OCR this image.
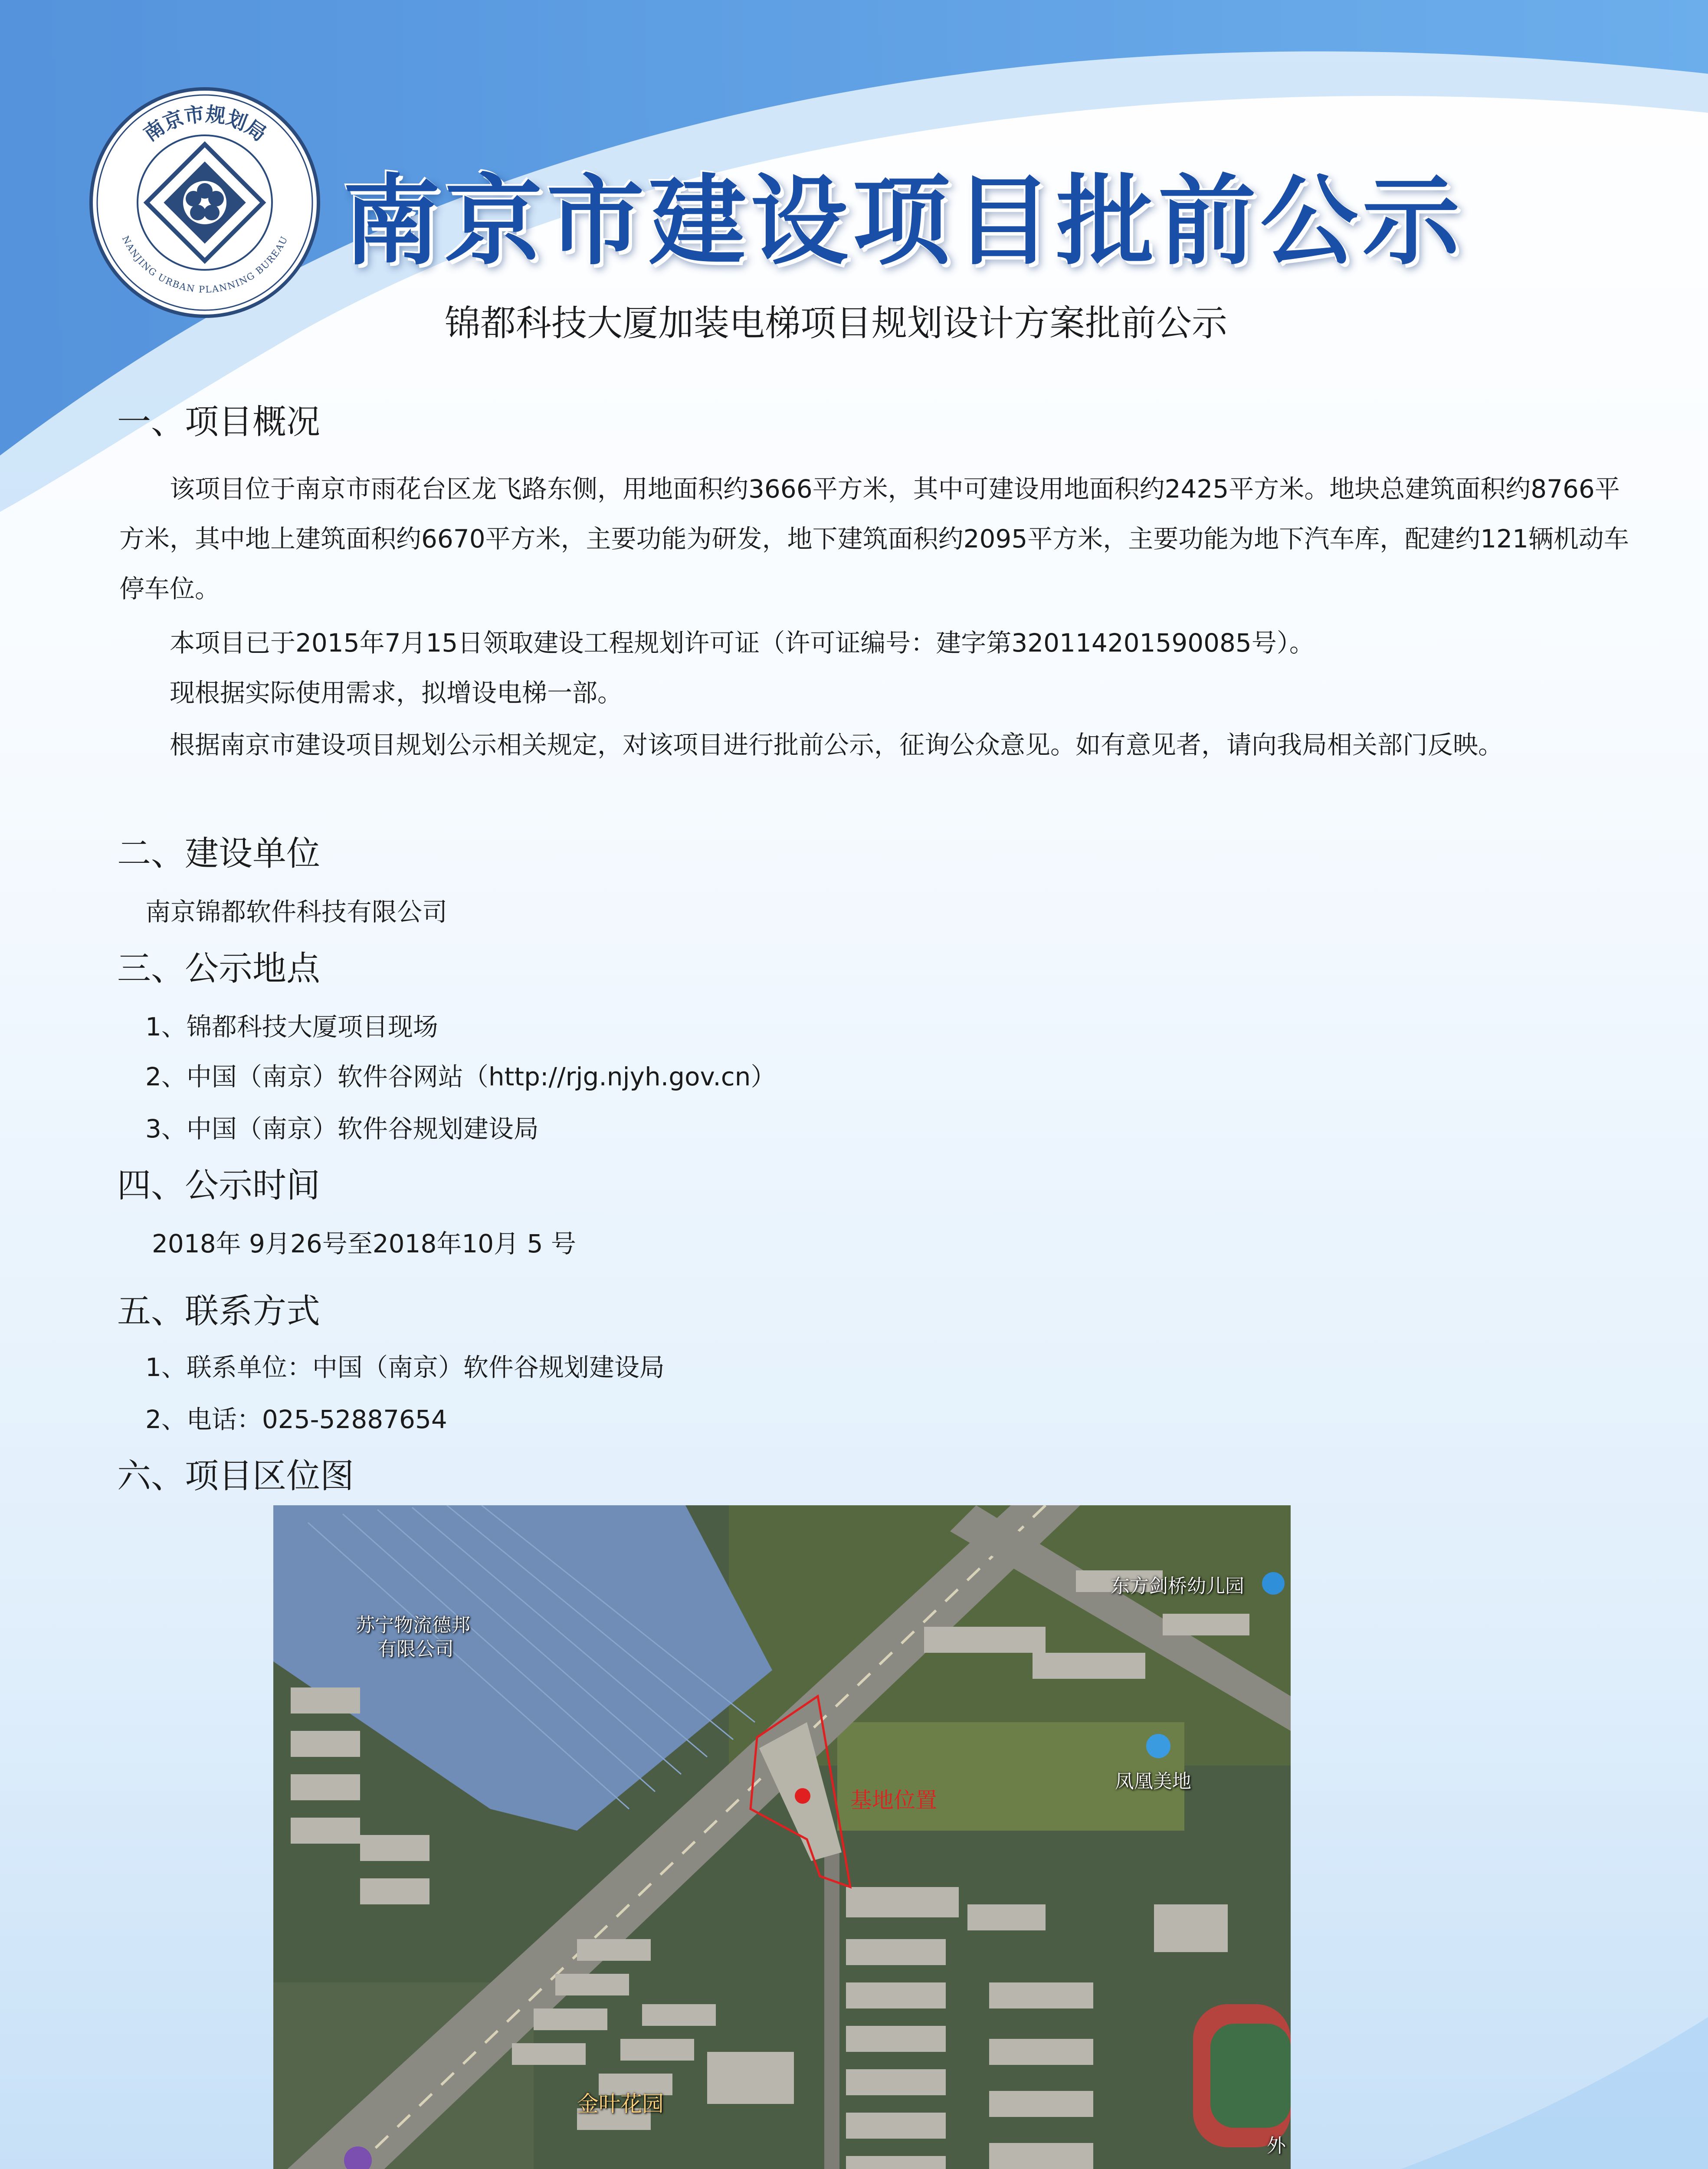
南京市规划局
NANJING URBAN PLANNING BUREAU 南京市建设项目批前公示
锦都科技大厦加装电梯项目规划设计方案批前公示
一、项目概况
　　该项目位于南京市雨花台区龙飞路东侧，用地面积约3666平方米，其中可建设用地面积约2425平方米。地块总建筑面积约8766平方米，其中地上建筑面积约6670平方米，主要功能为研发，地下建筑面积约2095平方米，主要功能为地下汽车库，配建约121辆机动车停车位。
　　本项目已于2015年7月15日领取建设工程规划许可证（许可证编号：建字第320114201590085号）。
　　现根据实际使用需求，拟增设电梯一部。
　　根据南京市建设项目规划公示相关规定，对该项目进行批前公示，征询公众意见。如有意见者，请向我局相关部门反映。
二、建设单位
南京锦都软件科技有限公司
三、公示地点
1、锦都科技大厦项目现场
2、中国（南京）软件谷网站（http://rjg.njyh.gov.cn）
3、中国（南京）软件谷规划建设局
四、公示时间
2018年 9月26号至2018年10月 5 号
五、联系方式
1、联系单位：中国（南京）软件谷规划建设局
2、电话：025-52887654
六、项目区位图
苏宁物流德邦
有限公司
东方剑桥幼儿园
凤凰美地
基地位置
金叶花园
外
